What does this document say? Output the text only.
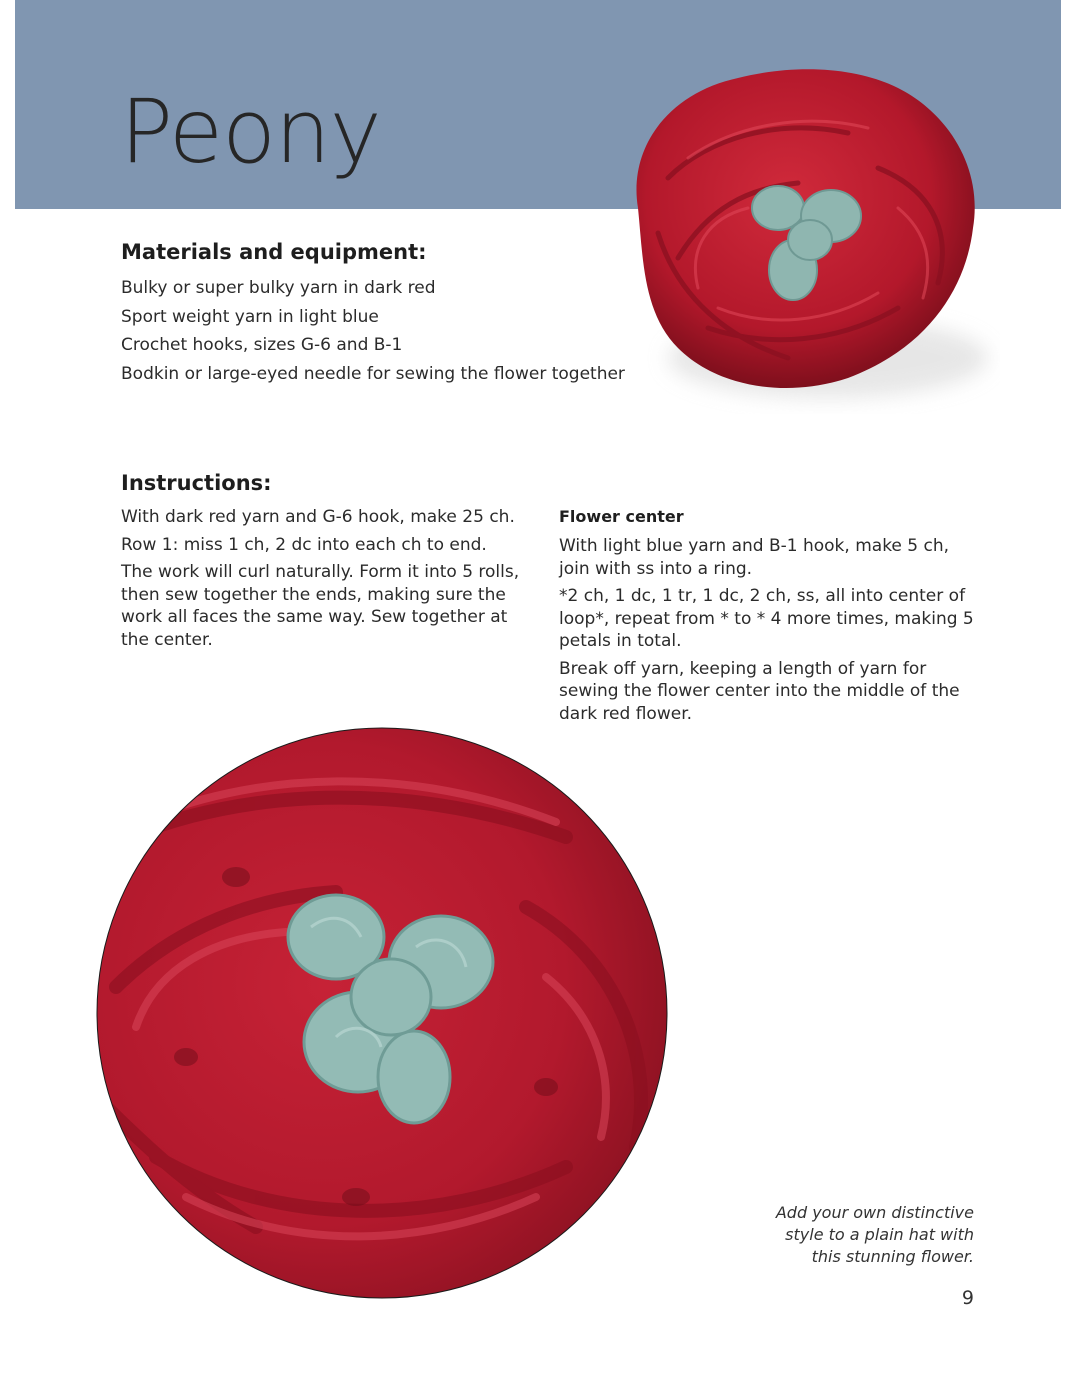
Peony
Materials and equipment:
Bulky or super bulky yarn in dark red
Sport weight yarn in light blue
Crochet hooks, sizes G-6 and B-1
Bodkin or large-eyed needle for sewing the flower together
Instructions:

With dark red yarn and G-6 hook, make 25 ch.

Row 1: miss 1 ch, 2 dc into each ch to end.

The work will curl naturally. Form it into 5 rolls, then sew together the ends, making sure the work all faces the same way. Sew together at the center.

Flower center

With light blue yarn and B-1 hook, make 5 ch, join with ss into a ring.

*2 ch, 1 dc, 1 tr, 1 dc, 2 ch, ss, all into center of loop*, repeat from * to * 4 more times, making 5 petals in total.

Break off yarn, keeping a length of yarn for sewing the flower center into the middle of the dark red flower.

Add your own distinctive style to a plain hat with this stunning flower.
9
